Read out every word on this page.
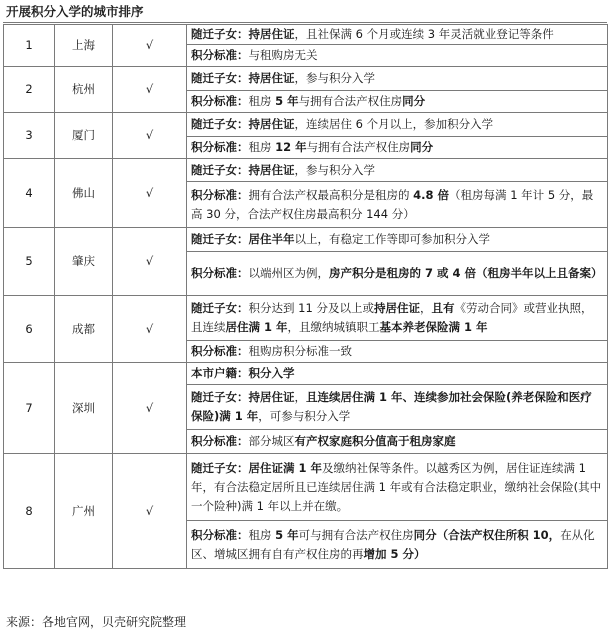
开展积分入学的城市排序
1	上海	√	随迁子女：持居住证，且社保满 6 个月或连续 3 年灵活就业登记等条件
			积分标准：与租购房无关
2	杭州	√	随迁子女：持居住证，参与积分入学
			积分标准：租房 5 年与拥有合法产权住房同分
3	厦门	√	随迁子女：持居住证，连续居住 6 个月以上，参加积分入学
			积分标准：租房 12 年与拥有合法产权住房同分
4	佛山	√	随迁子女：持居住证，参与积分入学
			积分标准：拥有合法产权最高积分是租房的 4.8 倍（租房每满 1 年计 5 分，最高 30 分，合法产权住房最高积分 144 分）
5	肇庆	√	随迁子女：居住半年以上，有稳定工作等即可参加积分入学
			积分标准：以端州区为例，房产积分是租房的 7 或 4 倍（租房半年以上且备案）
6	成都	√	随迁子女：积分达到 11 分及以上或持居住证，且有《劳动合同》或营业执照，且连续居住满 1 年，且缴纳城镇职工基本养老保险满 1 年
			积分标准：租购房积分标准一致
7	深圳	√	本市户籍：积分入学
			随迁子女：持居住证，且连续居住满 1 年、连续参加社会保险(养老保险和医疗保险)满 1 年，可参与积分入学
			积分标准：部分城区有产权家庭积分值高于租房家庭
8	广州	√	随迁子女：居住证满 1 年及缴纳社保等条件。以越秀区为例，居住证连续满 1 年，有合法稳定居所且已连续居住满 1 年或有合法稳定职业，缴纳社会保险(其中一个险种)满 1 年以上并在缴。
			积分标准：租房 5 年可与拥有合法产权住房同分（合法产权住所积 10，在从化区、增城区拥有自有产权住房的再增加 5 分）
来源：各地官网，贝壳研究院整理
